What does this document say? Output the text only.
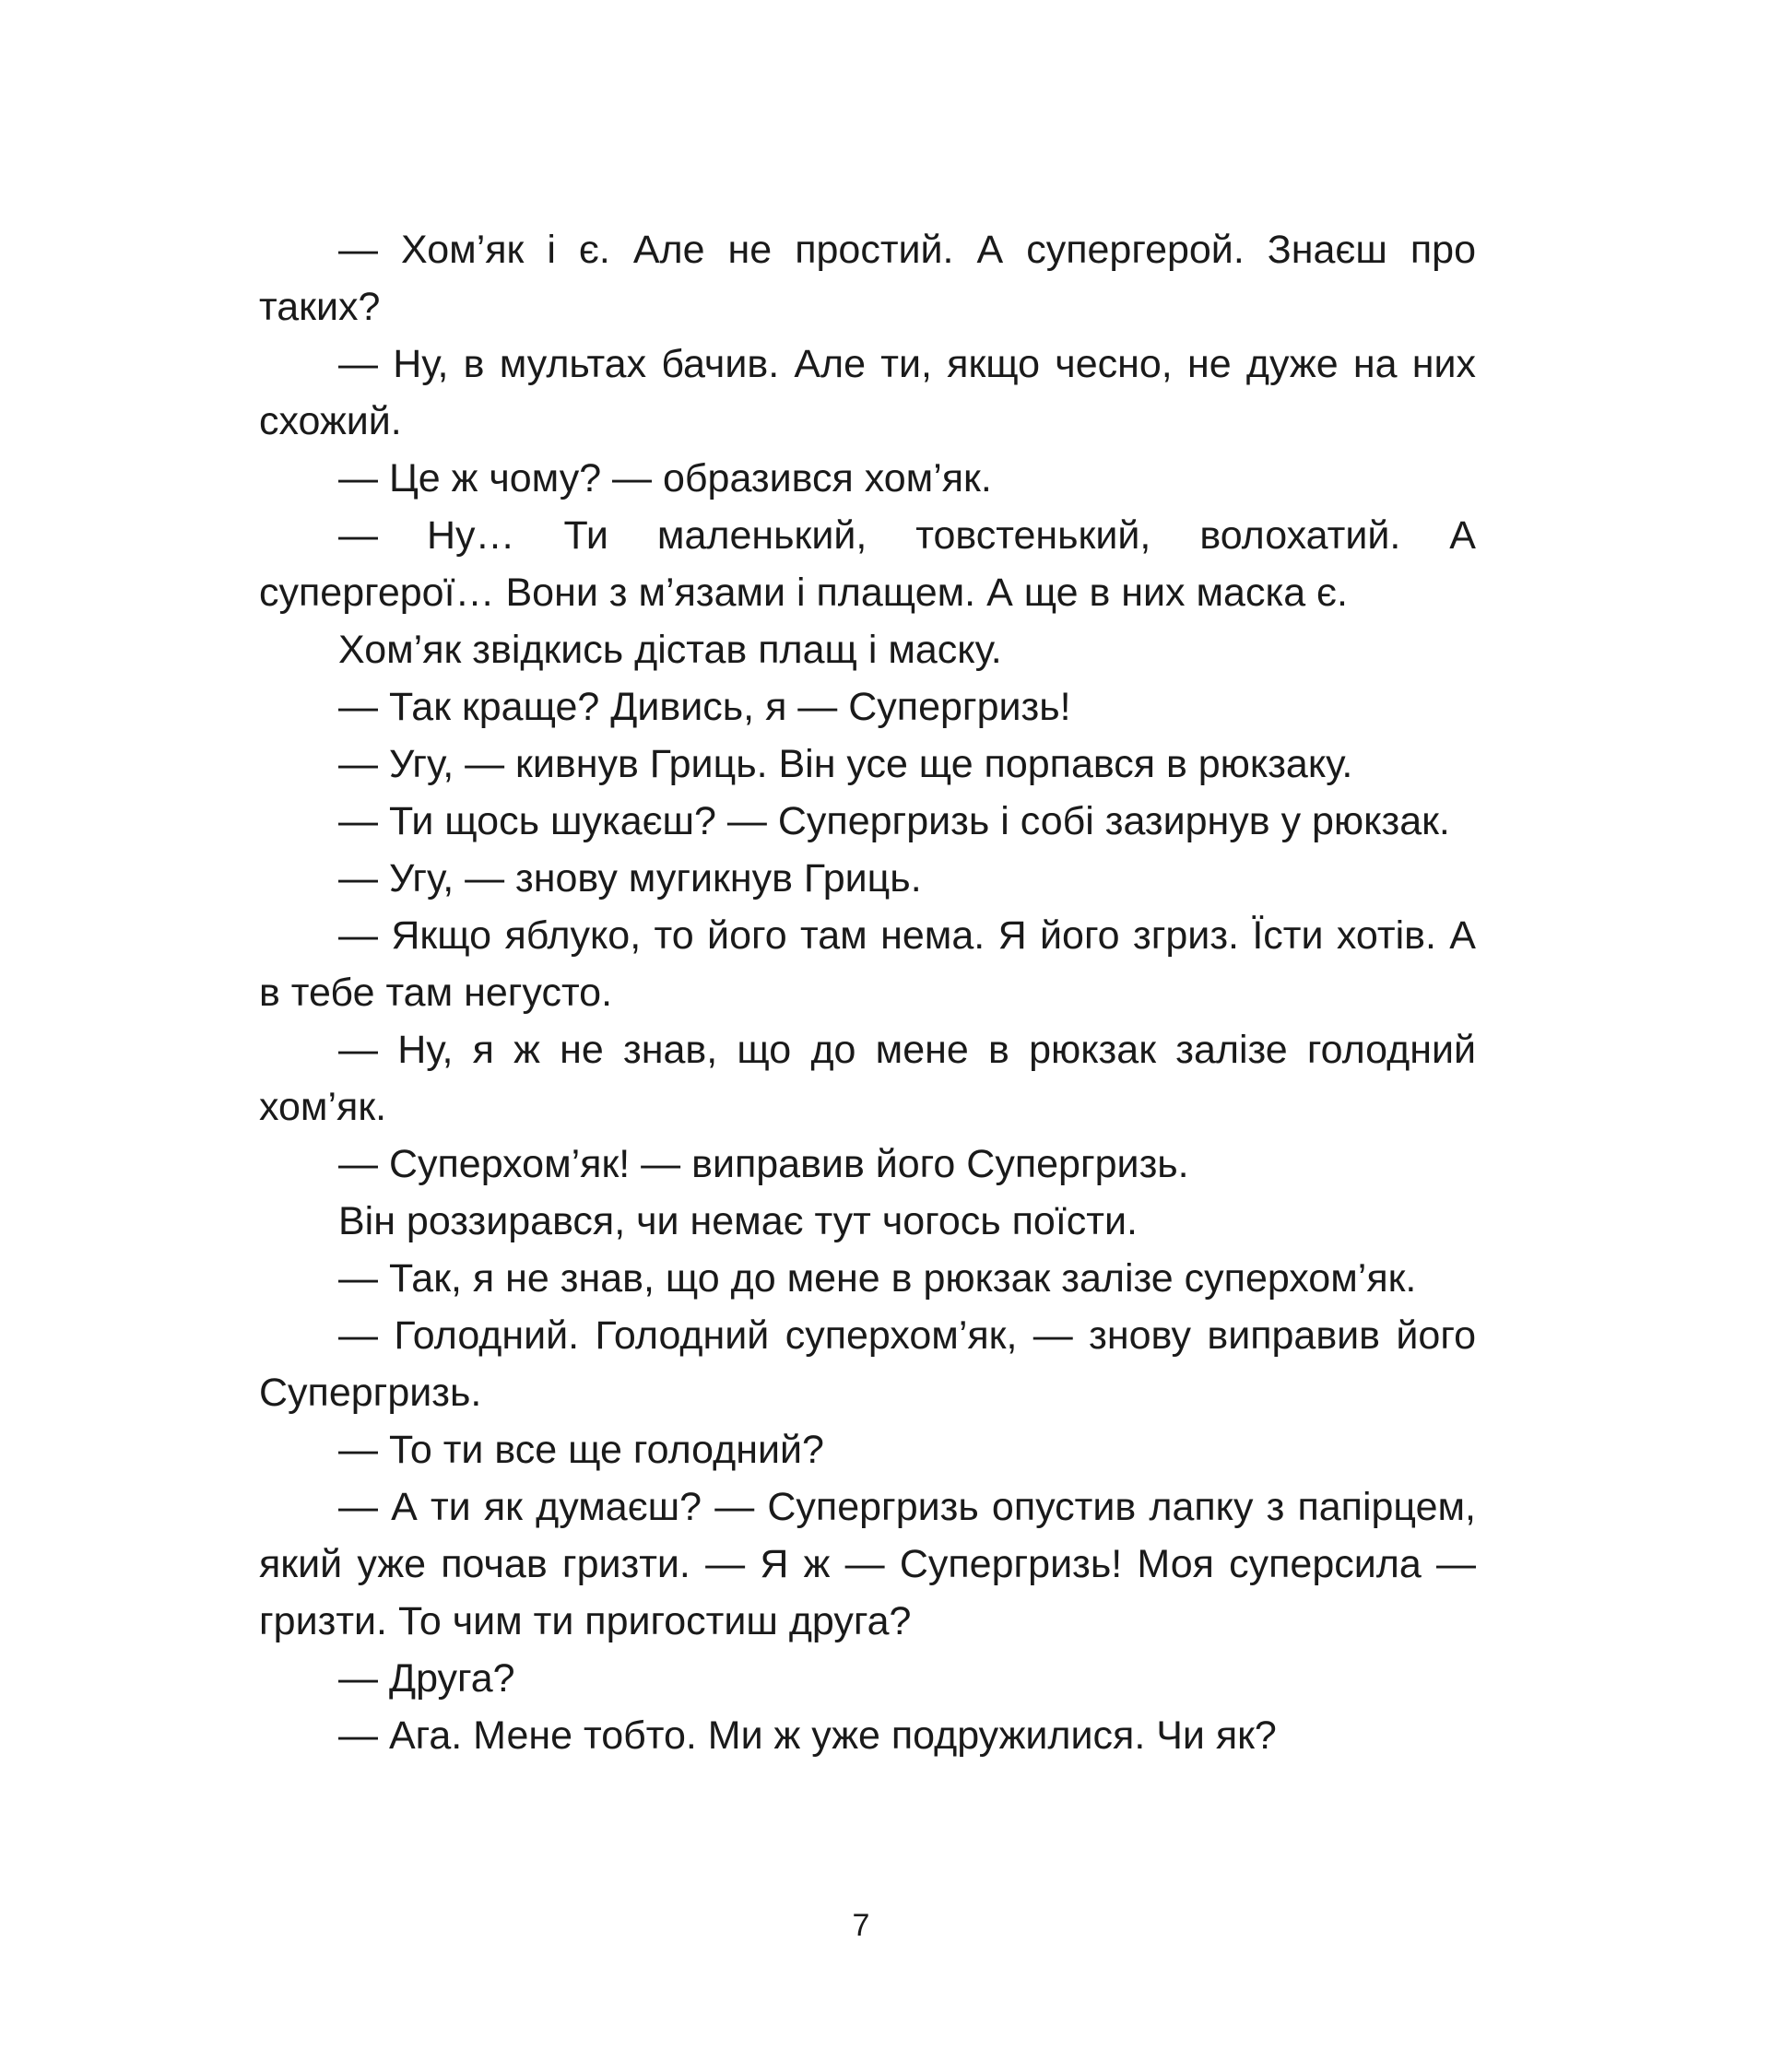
— Хом’як і є. Але не простий. А супергерой. Знаєш про таких?

— Ну, в мультах бачив. Але ти, якщо чесно, не дуже на них схожий.

— Це ж чому? — образився хом’як.

— Ну… Ти маленький, товстенький, волохатий. А супергерої… Вони з м’язами і плащем. А ще в них маска є.

Хом’як звідкись дістав плащ і маску.

— Так краще? Дивись, я — Супергризь!

— Угу, — кивнув Гриць. Він усе ще порпався в рюкзаку.

— Ти щось шукаєш? — Супергризь і собі зазирнув у рюкзак.

— Угу, — знову мугикнув Гриць.

— Якщо яблуко, то його там нема. Я його згриз. Їсти хотів. А в тебе там негусто.

— Ну, я ж не знав, що до мене в рюкзак залізе голодний хом’як.

— Суперхом’як! — виправив його Супергризь.

Він роззирався, чи немає тут чогось поїсти.

— Так, я не знав, що до мене в рюкзак залізе суперхом’як.

— Голодний. Голодний суперхом’як, — знову виправив його Супергризь.

— То ти все ще голодний?

— А ти як думаєш? — Супергризь опустив лапку з папірцем, який уже почав гризти. — Я ж — Супергризь! Моя суперсила — гризти. То чим ти пригостиш друга?

— Друга?

— Ага. Мене тобто. Ми ж уже подружилися. Чи як?

7
